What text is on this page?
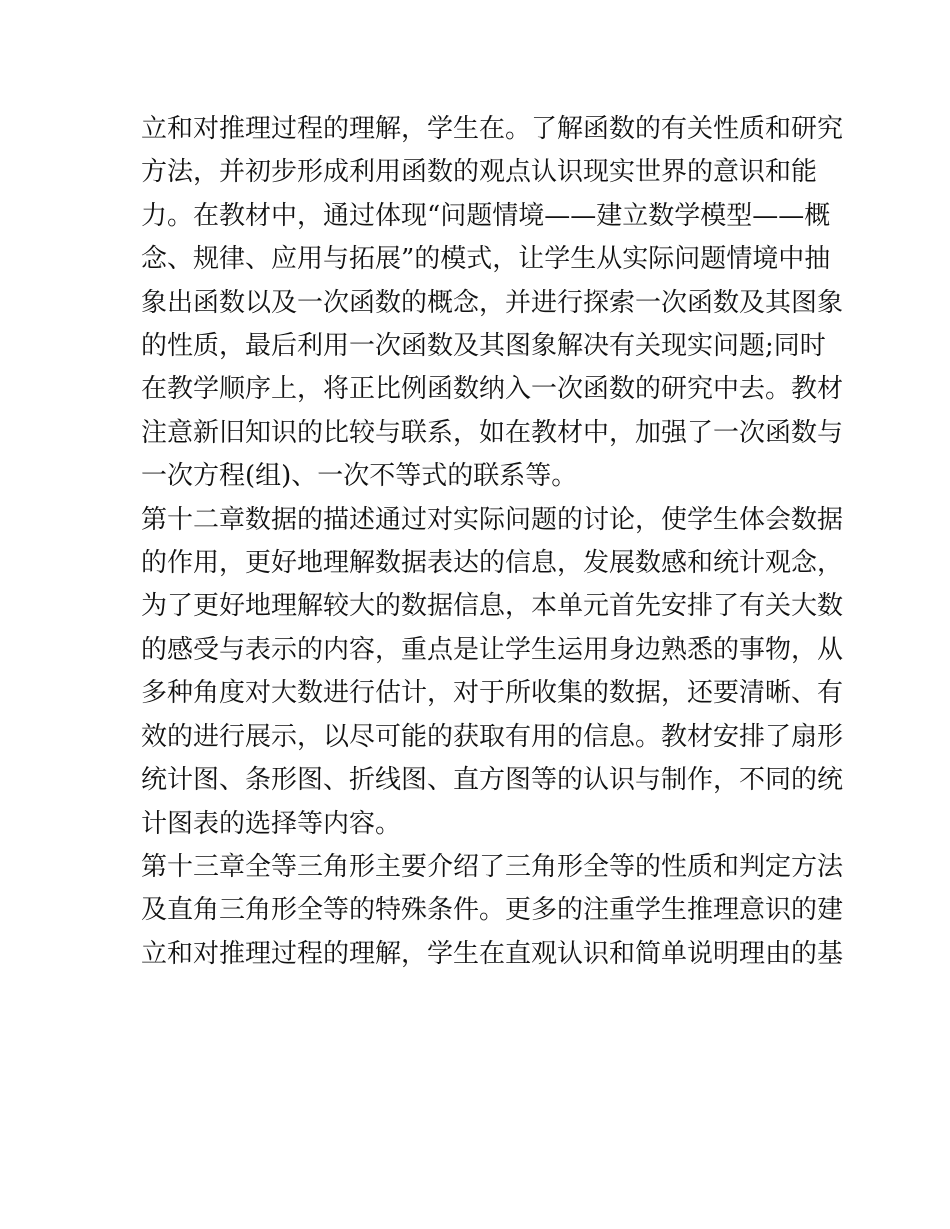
立和对推理过程的理解，学生在。了解函数的有关性质和研究
方法，并初步形成利用函数的观点认识现实世界的意识和能
力。在教材中，通过体现“问题情境——建立数学模型——概
念、规律、应用与拓展”的模式，让学生从实际问题情境中抽
象出函数以及一次函数的概念，并进行探索一次函数及其图象
的性质，最后利用一次函数及其图象解决有关现实问题;同时
在教学顺序上，将正比例函数纳入一次函数的研究中去。教材
注意新旧知识的比较与联系，如在教材中，加强了一次函数与
一次方程(组)、一次不等式的联系等。
第十二章数据的描述通过对实际问题的讨论，使学生体会数据
的作用，更好地理解数据表达的信息，发展数感和统计观念，
为了更好地理解较大的数据信息，本单元首先安排了有关大数
的感受与表示的内容，重点是让学生运用身边熟悉的事物，从
多种角度对大数进行估计，对于所收集的数据，还要清晰、有
效的进行展示，以尽可能的获取有用的信息。教材安排了扇形
统计图、条形图、折线图、直方图等的认识与制作，不同的统
计图表的选择等内容。
第十三章全等三角形主要介绍了三角形全等的性质和判定方法
及直角三角形全等的特殊条件。更多的注重学生推理意识的建
立和对推理过程的理解，学生在直观认识和简单说明理由的基
